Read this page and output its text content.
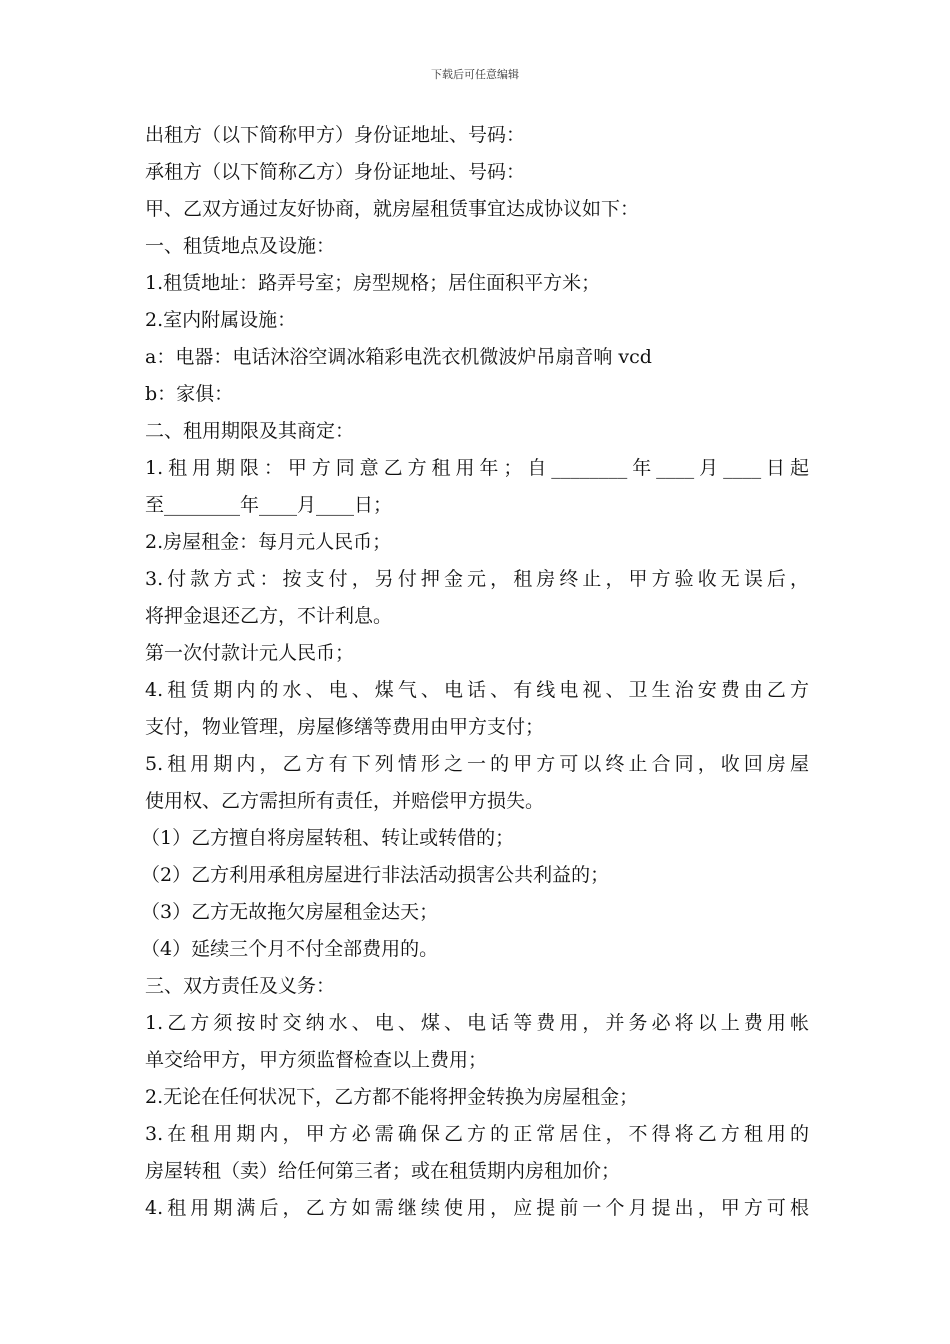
下载后可任意编辑
出租方（以下简称甲方）身份证地址、号码：
承租方（以下简称乙方）身份证地址、号码：
甲、乙双方通过友好协商，就房屋租赁事宜达成协议如下：
一、租赁地点及设施：
1.租赁地址：路弄号室；房型规格；居住面积平方米；
2.室内附属设施：
a：电器：电话沐浴空调冰箱彩电洗衣机微波炉吊扇音响 vcd
b：家俱：
二、租用期限及其商定：
1.租用期限：甲方同意乙方租用年；自________年____月____日起
至________年____月____日；
2.房屋租金：每月元人民币；
3.付款方式：按支付，另付押金元，租房终止，甲方验收无误后，
将押金退还乙方，不计利息。
第一次付款计元人民币；
4.租赁期内的水、电、煤气、电话、有线电视、卫生治安费由乙方
支付，物业管理，房屋修缮等费用由甲方支付；
5.租用期内，乙方有下列情形之一的甲方可以终止合同，收回房屋
使用权、乙方需担所有责任，并赔偿甲方损失。
（1）乙方擅自将房屋转租、转让或转借的；
（2）乙方利用承租房屋进行非法活动损害公共利益的；
（3）乙方无故拖欠房屋租金达天；
（4）延续三个月不付全部费用的。
三、双方责任及义务：
1.乙方须按时交纳水、电、煤、电话等费用，并务必将以上费用帐
单交给甲方，甲方须监督检查以上费用；
2.无论在任何状况下，乙方都不能将押金转换为房屋租金；
3.在租用期内，甲方必需确保乙方的正常居住，不得将乙方租用的
房屋转租（卖）给任何第三者；或在租赁期内房租加价；
4.租用期满后，乙方如需继续使用，应提前一个月提出，甲方可根
